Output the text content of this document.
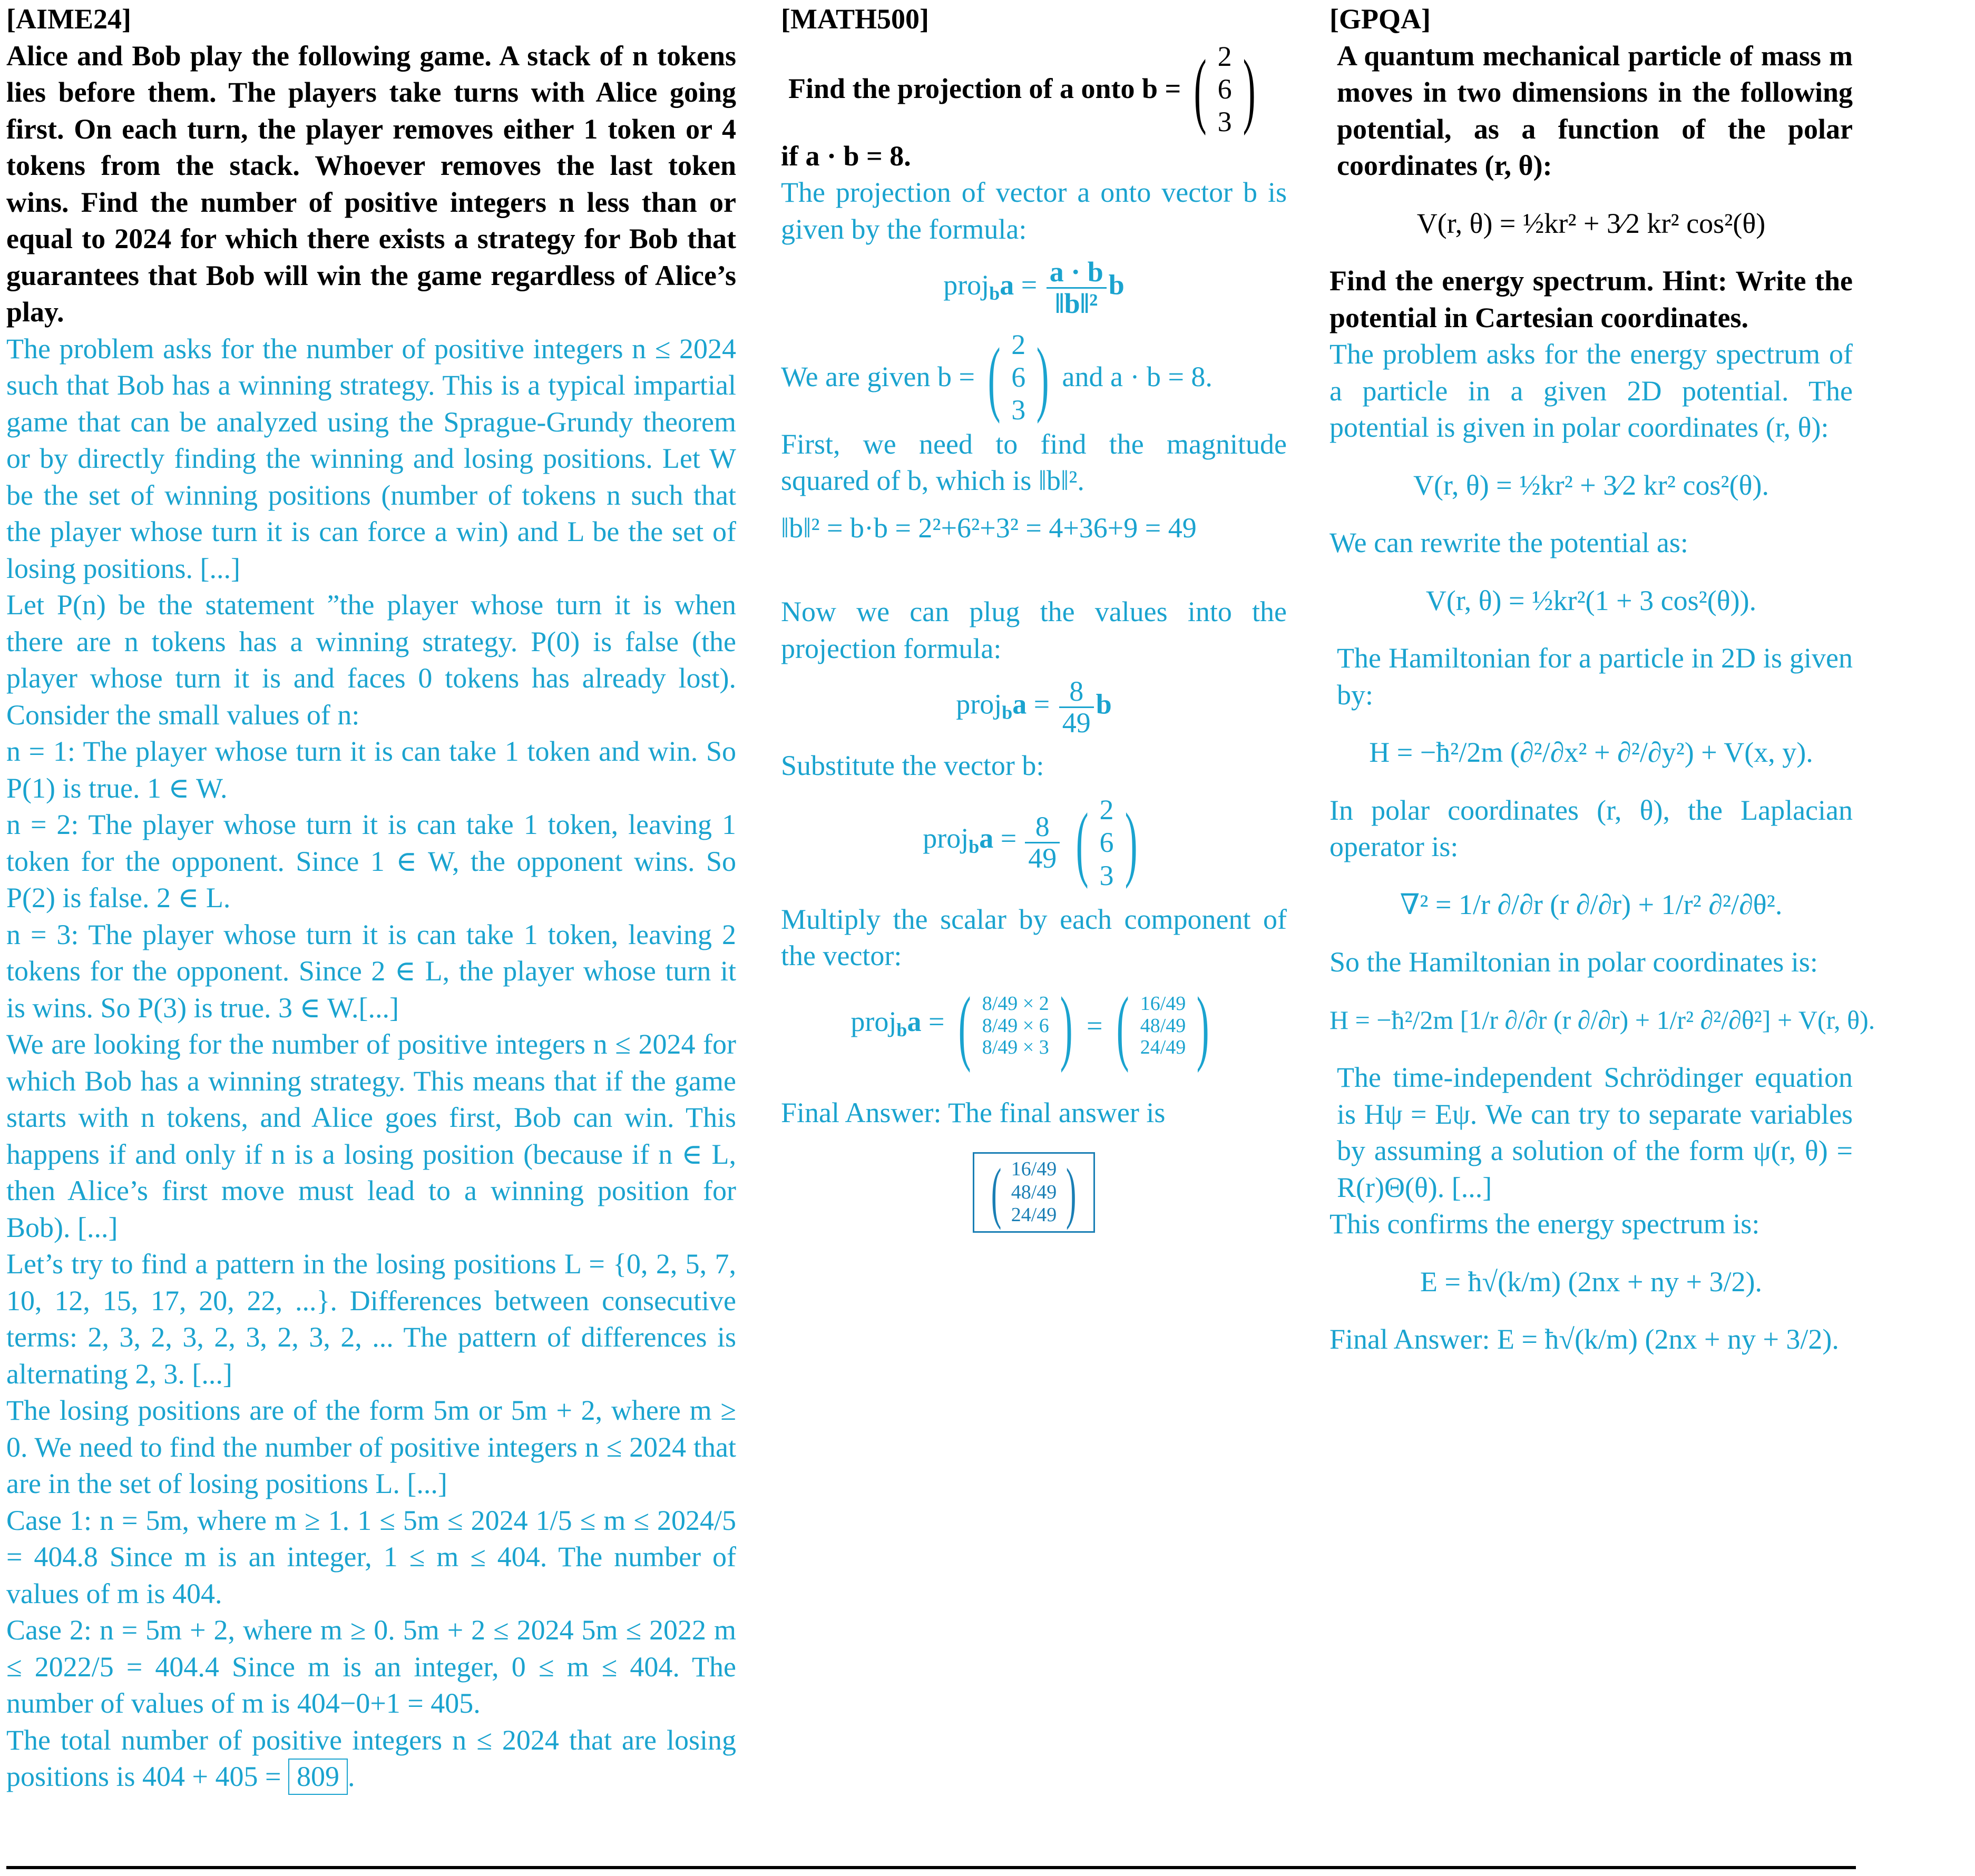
[AIME24]

Alice and Bob play the following game. A stack of n tokens lies before them. The players take turns with Alice going first. On each turn, the player removes either 1 token or 4 tokens from the stack. Whoever removes the last token wins. Find the number of positive integers n less than or equal to 2024 for which there exists a strategy for Bob that guarantees that Bob will win the game regardless of Alice’s play.

The problem asks for the number of positive integers n ≤ 2024 such that Bob has a winning strategy. This is a typical impartial game that can be analyzed using the Sprague-Grundy theorem or by directly finding the winning and losing positions. Let W be the set of winning positions (number of tokens n such that the player whose turn it is can force a win) and L be the set of losing positions. [...]

Let P(n) be the statement ”the player whose turn it is when there are n tokens has a winning strategy. P(0) is false (the player whose turn it is and faces 0 tokens has already lost). Consider the small values of n:

n = 1: The player whose turn it is can take 1 token and win. So P(1) is true. 1 ∈ W.

n = 2: The player whose turn it is can take 1 token, leaving 1 token for the opponent. Since 1 ∈ W, the opponent wins. So P(2) is false. 2 ∈ L.

n = 3: The player whose turn it is can take 1 token, leaving 2 tokens for the opponent. Since 2 ∈ L, the player whose turn it is wins. So P(3) is true. 3 ∈ W.[...]

We are looking for the number of positive integers n ≤ 2024 for which Bob has a winning strategy. This means that if the game starts with n tokens, and Alice goes first, Bob can win. This happens if and only if n is a losing position (because if n ∈ L, then Alice’s first move must lead to a winning position for Bob). [...]

Let’s try to find a pattern in the losing positions L = {0, 2, 5, 7, 10, 12, 15, 17, 20, 22, ...}. Differences between consecutive terms: 2, 3, 2, 3, 2, 3, 2, 3, 2, ... The pattern of differences is alternating 2, 3. [...]

The losing positions are of the form 5m or 5m + 2, where m ≥ 0. We need to find the number of positive integers n ≤ 2024 that are in the set of losing positions L. [...]

Case 1: n = 5m, where m ≥ 1. 1 ≤ 5m ≤ 2024 1/5 ≤ m ≤ 2024/5 = 404.8 Since m is an integer, 1 ≤ m ≤ 404. The number of values of m is 404.

Case 2: n = 5m + 2, where m ≥ 0. 5m + 2 ≤ 2024 5m ≤ 2022 m ≤ 2022/5 = 404.4 Since m is an integer, 0 ≤ m ≤ 404. The number of values of m is 404−0+1 = 405.

The total number of positive integers n ≤ 2024 that are losing positions is 404 + 405 = 809 .

[MATH500]
Find the projection of a onto b = ( 2
6
3 )

if a · b = 8.

The projection of vector a onto vector b is given by the formula:

proj$_b$a = $\frac{a \cdot b}{\text{‖b‖²}}$ b
We are given b = ( 2
6
3 ) and a · b = 8.

First, we need to find the magnitude squared of b, which is ‖b‖².

‖b‖² = b·b = 2²+6²+3² = 4+36+9 = 49

Now we can plug the values into the projection formula:

proj$_b$a = $\frac{8}{49}$ b

Substitute the vector b:

proj$_b$a = $\frac{8}{49}$ ( 2
6
3 )

Multiply the scalar by each component of the vector:

proj$_b$a = ( 8/49 × 2
8/49 × 6
8/49 × 3 ) = ( 16/49
48/49
24/49 )

Final Answer: The final answer is

( 16/49
48/49
24/49 )
[GPQA]

A quantum mechanical particle of mass m moves in two dimensions in the following potential, as a function of the polar coordinates (r, θ):

V(r, θ) = ½kr² + 3⁄2 kr² cos²(θ)

Find the energy spectrum. Hint: Write the potential in Cartesian coordinates.

The problem asks for the energy spectrum of a particle in a given 2D potential. The potential is given in polar coordinates (r, θ):

V(r, θ) = ½kr² + 3⁄2 kr² cos²(θ).

We can rewrite the potential as:

V(r, θ) = ½kr²(1 + 3 cos²(θ)).

The Hamiltonian for a particle in 2D is given by:

H = −ħ²/2m (∂²/∂x² + ∂²/∂y²) + V(x, y).

In polar coordinates (r, θ), the Laplacian operator is:

∇² = 1/r ∂/∂r (r ∂/∂r) + 1/r² ∂²/∂θ².

So the Hamiltonian in polar coordinates is:

H = −ħ²/2m [1/r ∂/∂r (r ∂/∂r) + 1/r² ∂²/∂θ²] + V(r, θ).

The time-independent Schrödinger equation is Hψ = Eψ. We can try to separate variables by assuming a solution of the form ψ(r, θ) = R(r)Θ(θ). [...]

This confirms the energy spectrum is:

E = ħ√(k/m) (2nx + ny + 3/2).

Final Answer: E = ħ√(k/m) (2nx + ny + 3/2).
